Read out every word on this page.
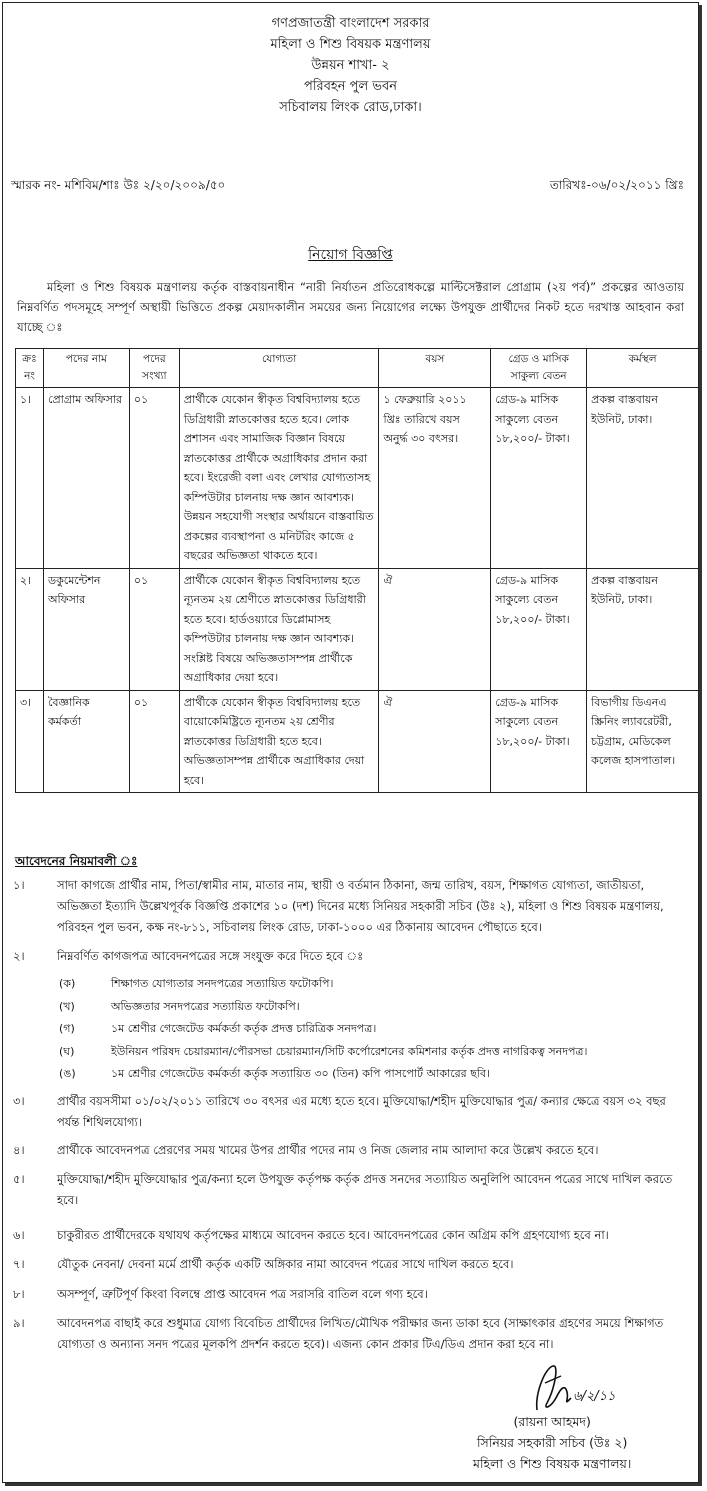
গণপ্রজাতন্ত্রী বাংলাদেশ সরকার
মহিলা ও শিশু বিষয়ক মন্ত্রণালয়
উন্নয়ন শাখা- ২
পরিবহন পুল ভবন
সচিবালয় লিংক রোড,ঢাকা।
স্মারক নং- মশিবিম/শাঃ উঃ ২/২০/২০০৯/৫০	তারিখঃ-০৬/০২/২০১১ খ্রিঃ
নিয়োগ বিজ্ঞপ্তি
মহিলা ও শিশু বিষয়ক মন্ত্রণালয় কর্তৃক বাস্তবায়নাধীন “নারী নির্যাতন প্রতিরোধকল্পে মাল্টিসেক্টরাল প্রোগ্রাম (২য় পর্ব)” প্রকল্পের আওতায় নিম্নবর্ণিত পদসমূহে সম্পূর্ণ অস্থায়ী ভিত্তিতে প্রকল্প মেয়াদকালীন সময়ের জন্য নিয়োগের লক্ষ্যে উপযুক্ত প্রার্থীদের নিকট হতে দরখাস্ত আহবান করা যাচ্ছে ঃ
ক্রঃ নং	পদের নাম	পদের সংখ্যা	যোগ্যতা	বয়স	গ্রেড ও মাসিক সাকুল্য বেতন	কর্মস্থল
১।	প্রোগ্রাম অফিসার	০১	প্রার্থীকে যেকোন স্বীকৃত বিশ্ববিদ্যালয় হতে ডিগ্রিধারী স্নাতকোত্তর হতে হবে। লোক প্রশাসন এবং সামাজিক বিজ্ঞান বিষয়ে স্নাতকোত্তর প্রার্থীকে অগ্রাধিকার প্রদান করা হবে। ইংরেজী বলা এবং লেখার যোগ্যতাসহ কম্পিউটার চালনায় দক্ষ জ্ঞান আবশ্যক। উন্নয়ন সহযোগী সংস্থার অর্থায়নে বাস্তবায়িত প্রকল্পের ব্যবস্থাপনা ও মনিটরিং কাজে ৫ বছরের অভিজ্ঞতা থাকতে হবে।	১ ফেব্রুয়ারি ২০১১ খ্রিঃ তারিখে বয়স অনুর্দ্ধ ৩০ বৎসর।	গ্রেড-৯ মাসিক সাকুল্যে বেতন ১৮,২০০/- টাকা।	প্রকল্প বাস্তবায়ন ইউনিট, ঢাকা।
২।	ডকুমেন্টেশন অফিসার	০১	প্রার্থীকে যেকোন স্বীকৃত বিশ্ববিদ্যালয় হতে ন্যূনতম ২য় শ্রেণীতে স্নাতকোত্তর ডিগ্রিধারী হতে হবে। হার্ডওয়্যারে ডিপ্লোমাসহ কম্পিউটার চালনায় দক্ষ জ্ঞান আবশ্যক। সংশ্লিষ্ট বিষয়ে অভিজ্ঞতাসম্পন্ন প্রার্থীকে অগ্রাধিকার দেয়া হবে।	ঐ	গ্রেড-৯ মাসিক সাকুল্যে বেতন ১৮,২০০/- টাকা।	প্রকল্প বাস্তবায়ন ইউনিট, ঢাকা।
৩।	বৈজ্ঞানিক কর্মকর্তা	০১	প্রার্থীকে যেকোন স্বীকৃত বিশ্ববিদ্যালয় হতে বায়োকেমিষ্ট্রিতে ন্যূনতম ২য় শ্রেণীর স্নাতকোত্তর ডিগ্রিধারী হতে হবে। অভিজ্ঞতাসম্পন্ন প্রার্থীকে অগ্রাধিকার দেয়া হবে।	ঐ	গ্রেড-৯ মাসিক সাকুল্যে বেতন ১৮,২০০/- টাকা।	বিভাগীয় ডিএনএ স্ক্রিনিং ল্যাবরেটরী, চট্টগ্রাম, মেডিকেল কলেজ হাসপাতাল।
আবেদনের নিয়মাবলী ঃ
১।	সাদা কাগজে প্রার্থীর নাম, পিতা/স্বামীর নাম, মাতার নাম, স্থায়ী ও বর্তমান ঠিকানা, জন্ম তারিখ, বয়স, শিক্ষাগত যোগ্যতা, জাতীয়তা, অভিজ্ঞতা ইত্যাদি উল্লেখপূর্বক বিজ্ঞপ্তি প্রকাশের ১০ (দশ) দিনের মধ্যে সিনিয়র সহকারী সচিব (উঃ ২), মহিলা ও শিশু বিষয়ক মন্ত্রণালয়, পরিবহন পুল ভবন, কক্ষ নং-৮১১, সচিবালয় লিংক রোড, ঢাকা-১০০০ এর ঠিকানায় আবেদন পৌছাতে হবে।
২।	নিম্নবর্ণিত কাগজপত্র আবেদনপত্রের সঙ্গে সংযুক্ত করে দিতে হবে ঃ
(ক)	শিক্ষাগত যোগ্যতার সনদপত্রের সত্যায়িত ফটোকপি।
(খ)	অভিজ্ঞতার সনদপত্রের সত্যায়িত ফটোকপি।
(গ)	১ম শ্রেণীর গেজেটেড কর্মকর্তা কর্তৃক প্রদত্ত চারিত্রিক সনদপত্র।
(ঘ)	ইউনিয়ন পরিষদ চেয়ারম্যান/পৌরসভা চেয়ারম্যান/সিটি কর্পোরেশনের কমিশনার কর্তৃক প্রদত্ত নাগরিকত্ব সনদপত্র।
(ঙ)	১ম শ্রেণীর গেজেটেড কর্মকর্তা কর্তৃক সত্যায়িত ৩০ (তিন) কপি পাসপোর্ট আকারের ছবি।
৩।	প্রার্থীর বয়সসীমা ০১/০২/২০১১ তারিখে ৩০ বৎসর এর মধ্যে হতে হবে। মুক্তিযোদ্ধা/শহীদ মুক্তিযোদ্ধার পুত্র/ কন্যার ক্ষেত্রে বয়স ৩২ বছর পর্যন্ত শিথিলযোগ্য।
৪।	প্রার্থীকে আবেদনপত্র প্রেরণের সময় খামের উপর প্রার্থীর পদের নাম ও নিজ জেলার নাম আলাদা করে উল্লেখ করতে হবে।
৫।	মুক্তিযোদ্ধা/শহীদ মুক্তিযোদ্ধার পুত্র/কন্যা হলে উপযুক্ত কর্তৃপক্ষ কর্তৃক প্রদত্ত সনদের সত্যায়িত অনুলিপি আবেদন পত্রের সাথে দাখিল করতে হবে।
৬।	চাকুরীরত প্রার্থীদেরকে যথাযথ কর্তৃপক্ষের মাধ্যমে আবেদন করতে হবে। আবেদনপত্রের কোন অগ্রিম কপি গ্রহণযোগ্য হবে না।
৭।	যৌতুক নেবনা/ দেবনা মর্মে প্রার্থী কর্তৃক একটি অঙ্গিকার নামা আবেদন পত্রের সাথে দাখিল করতে হবে।
৮।	অসম্পূর্ণ, ত্রুটিপূর্ণ কিংবা বিলম্বে প্রাপ্ত আবেদন পত্র সরাসরি বাতিল বলে গণ্য হবে।
৯।	আবেদনপত্র বাছাই করে শুধুমাত্র যোগ্য বিবেচিত প্রার্থীদের লিখিত/মৌখিক পরীক্ষার জন্য ডাকা হবে (সাক্ষাৎকার গ্রহণের সময়ে শিক্ষাগত যোগ্যতা ও অন্যান্য সনদ পত্রের মূলকপি প্রদর্শন করতে হবে)। এজন্য কোন প্রকার টিএ/ডিএ প্রদান করা হবে না।
৬/২/১১
(রায়না আহমদ)
সিনিয়র সহকারী সচিব (উঃ ২)
মহিলা ও শিশু বিষয়ক মন্ত্রণালয়।
